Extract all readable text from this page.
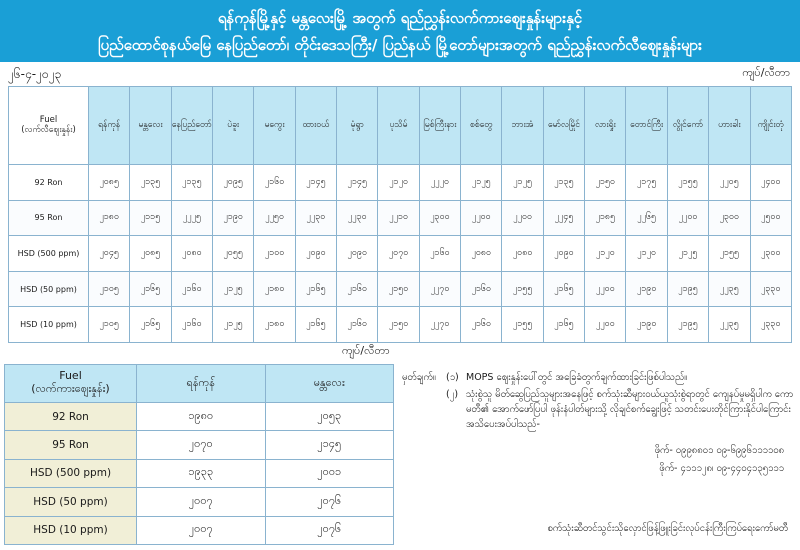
ရန်ကုန်မြို့နှင့် မန္တလေးမြို့ အတွက် ရည်ညွှန်းလက်ကားဈေးနှုန်းများနှင့်
ပြည်ထောင်စုနယ်မြေ နေပြည်တော်၊ တိုင်းဒေသကြီး/ ပြည်နယ် မြို့တော်များအတွက် ရည်ညွှန်းလက်လီဈေးနှုန်းများ
၂၆-၄-၂၀၂၃	ကျပ်/လီတာ
Fuel
(လက်လီဈေးနှုန်း)	ရန်ကုန်	မန္တလေး	နေပြည်တော်	ပဲခူး	မကွေး	ထားဝယ်	မုံရွာ	ပုသိမ်	မြစ်ကြီးနား	စစ်တွေ	ဘားအံ	မော်လမြိုင်	လားရှိုး	တောင်ကြီး	လွိုင်ကော်	ဟားခါး	ကျိုင်းတုံ
92 Ron	၂၀၈၅	၂၁၃၅	၂၁၃၅	၂၀၉၅	၂၁၆၀	၂၁၄၅	၂၁၄၅	၂၁၂၀	၂၂၂၀	၂၁၂၅	၂၁၂၅	၂၁၃၅	၂၁၅၀	၂၁၇၅	၂၁၅၅	၂၂၀၅	၂၄၀၀
95 Ron	၂၁၈၀	၂၁၁၅	၂၂၂၅	၂၁၉၀	၂၂၅၀	၂၂၃၀	၂၂၃၀	၂၂၁၀	၂၃၀၀	၂၂၀၀	၂၂၀၀	၂၂၄၅	၂၁၈၅	၂၂၆၅	၂၂၀၀	၂၃၀၀	၂၅၀၀
HSD (500 ppm)	၂၀၄၅	၂၀၈၅	၂၀၈၀	၂၀၅၅	၂၁၀၀	၂၀၉၀	၂၀၉၀	၂၀၇၀	၂၁၆၀	၂၀၈၀	၂၀၈၀	၂၀၉၀	၂၁၂၀	၂၁၂၀	၂၁၂၅	၂၁၅၅	၂၃၀၀
HSD (50 ppm)	၂၁၀၅	၂၁၆၅	၂၁၆၀	၂၁၂၅	၂၁၈၀	၂၁၆၅	၂၁၆၀	၂၁၅၀	၂၂၇၀	၂၁၆၀	၂၁၅၅	၂၁၆၅	၂၂၀၀	၂၁၉၀	၂၁၉၅	၂၂၃၅	၂၃၃၀
HSD (10 ppm)	၂၁၀၅	၂၁၆၅	၂၁၆၀	၂၁၂၅	၂၁၈၀	၂၁၆၅	၂၁၆၀	၂၁၅၀	၂၂၇၀	၂၁၆၀	၂၁၅၅	၂၁၆၅	၂၂၀၀	၂၁၉၀	၂၁၉၅	၂၂၃၅	၂၃၃၀
ကျပ်/လီတာ
Fuel
(လက်ကားဈေးနှုန်း)	ရန်ကုန်	မန္တလေး
92 Ron	၁၉၈၀	၂၀၅၃
95 Ron	၂၀၇၀	၂၁၄၅
HSD (500 ppm)	၁၉၃၃	၂၀၀၁
HSD (50 ppm)	၂၀၀၇	၂၀၇၆
HSD (10 ppm)	၂၀၀၇	၂၀၇၆
မှတ်ချက်။	(၁) MOPS ဈေးနှုန်းပေါ်တွင် အခြေခံတွက်ချက်ထားခြင်းဖြစ်ပါသည်။
(၂) သုံးစွဲသူ မိတ်ဆွေပြည်သူများအနေဖြင့် စက်သုံးဆီများဝယ်ယူသုံးစွဲရာတွင် ကျေနပ်မှုမရှိပါက ကောမတီ၏ အောက်ဖော်ပြပါ ဖုန်းနံပါတ်များသို့ လိုချင်စက်ချွေးဖြင့် သတင်းပေးတိုင်ကြားနိုင်ပါကြောင်း အသိပေးအပ်ပါသည်-
ဖိုက်- ၀၉၉၈၈၀၁ ၀၉-၆၉၉၆၁၁၁၁၀၈
ဖိုက်- ၄၁၁၁၂၈၊ ၀၉-၄၄၀၄၁၃၅၁၁၁
စက်သုံးဆီတင်သွင်းသိုလှောင်ဖြန့်ဖြူးခြင်းလုပ်ငန်းကြီးကြပ်ရေးကော်မတီ
